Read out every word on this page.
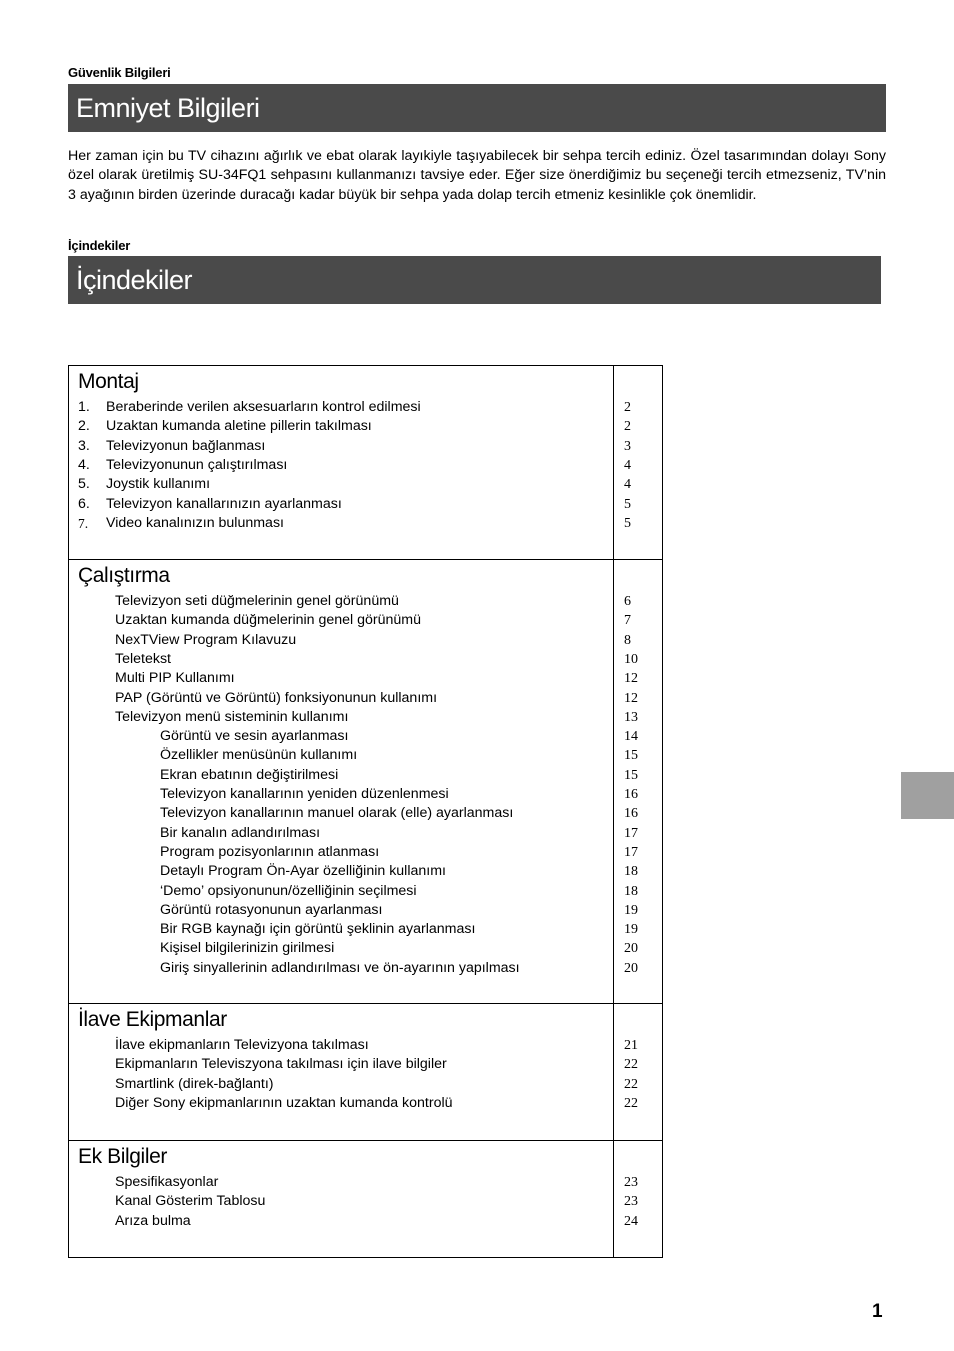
Güvenlik Bilgileri
Emniyet Bilgileri
Her zaman için bu TV cihazını ağırlık ve ebat olarak layıkiyle taşıyabilecek bir sehpa tercih ediniz. Özel tasarımından dolayı Sony özel olarak üretilmiş SU-34FQ1 sehpasını kullanmanızı tavsiye eder. Eğer size önerdiğimiz bu seçeneği tercih etmezseniz, TV’nin 3 ayağının birden üzerinde duracağı kadar büyük bir sehpa yada dolap tercih etmeniz kesinlikle çok önemlidir.
İçindekiler
İçindekiler
Montaj
1. Beraberinde verilen aksesuarların kontrol edilmesi	2
2. Uzaktan kumanda aletine pillerin takılması	2
3. Televizyonun bağlanması	3
4. Televizyonunun çalıştırılması	4
5. Joystik kullanımı	4
6. Televizyon kanallarınızın ayarlanması	5
7. Video kanalınızın bulunması	5
Çalıştırma
Televizyon seti düğmelerinin genel görünümü	6
Uzaktan kumanda düğmelerinin genel görünümü	7
NexTView Program Kılavuzu	8
Teletekst	10
Multi PIP Kullanımı	12
PAP (Görüntü ve Görüntü) fonksiyonunun kullanımı	12
Televizyon menü sisteminin kullanımı	13
Görüntü ve sesin ayarlanması	14
Özellikler menüsünün kullanımı	15
Ekran ebatının değiştirilmesi	15
Televizyon kanallarının yeniden düzenlenmesi	16
Televizyon kanallarının manuel olarak (elle) ayarlanması	16
Bir kanalın adlandırılması	17
Program pozisyonlarının atlanması	17
Detaylı Program Ön-Ayar özelliğinin kullanımı	18
‘Demo’ opsiyonunun/özelliğinin seçilmesi	18
Görüntü rotasyonunun ayarlanması	19
Bir RGB kaynağı için görüntü şeklinin ayarlanması	19
Kişisel bilgilerinizin girilmesi	20
Giriş sinyallerinin adlandırılması ve ön-ayarının yapılması	20
İlave Ekipmanlar
İlave ekipmanların Televizyona takılması	21
Ekipmanların Televiszyona takılması için ilave bilgiler	22
Smartlink (direk-bağlantı)	22
Diğer Sony ekipmanlarının uzaktan kumanda kontrolü	22
Ek Bilgiler
Spesifikasyonlar	23
Kanal Gösterim Tablosu	23
Arıza bulma	24
1
